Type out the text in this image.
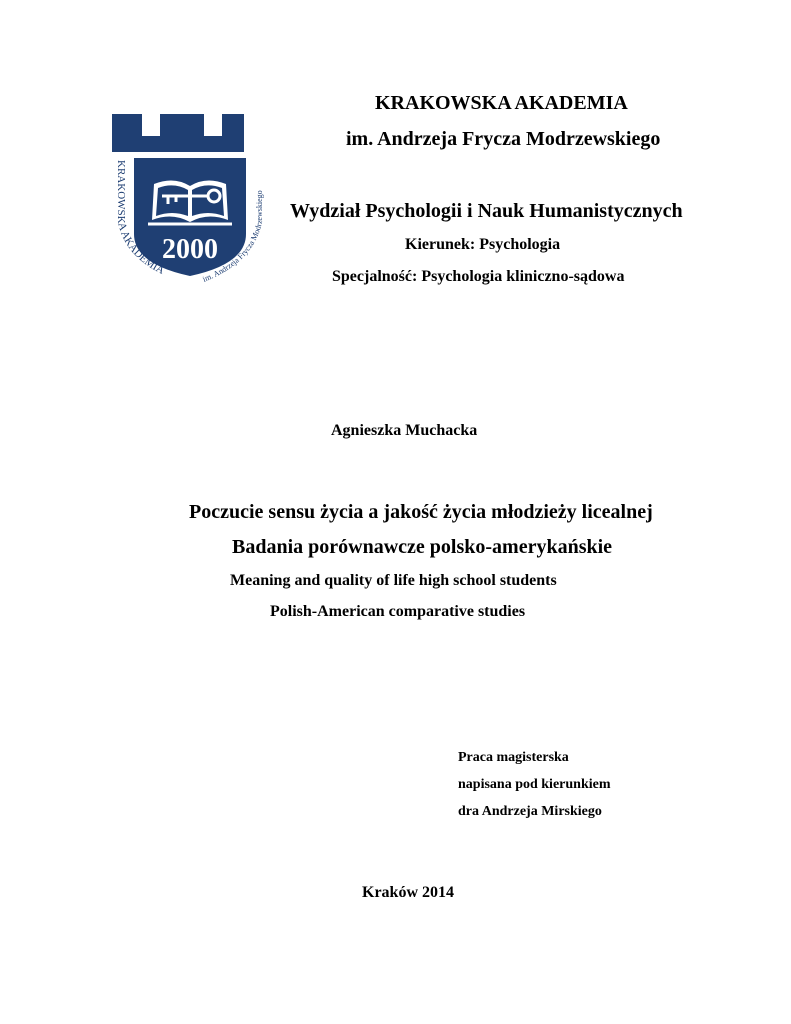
2000
KRAKOWSKA AKADEMIA
im. Andrzeja Frycza Modrzewskiego
KRAKOWSKA AKADEMIA
im. Andrzeja Frycza Modrzewskiego
Wydział Psychologii i Nauk Humanistycznych
Kierunek: Psychologia
Specjalność: Psychologia kliniczno-sądowa
Agnieszka Muchacka
Poczucie sensu życia a jakość życia młodzieży licealnej
Badania porównawcze polsko-amerykańskie
Meaning and quality of life high school students
Polish-American comparative studies
Praca magisterska
napisana pod kierunkiem
dra Andrzeja Mirskiego
Kraków 2014
